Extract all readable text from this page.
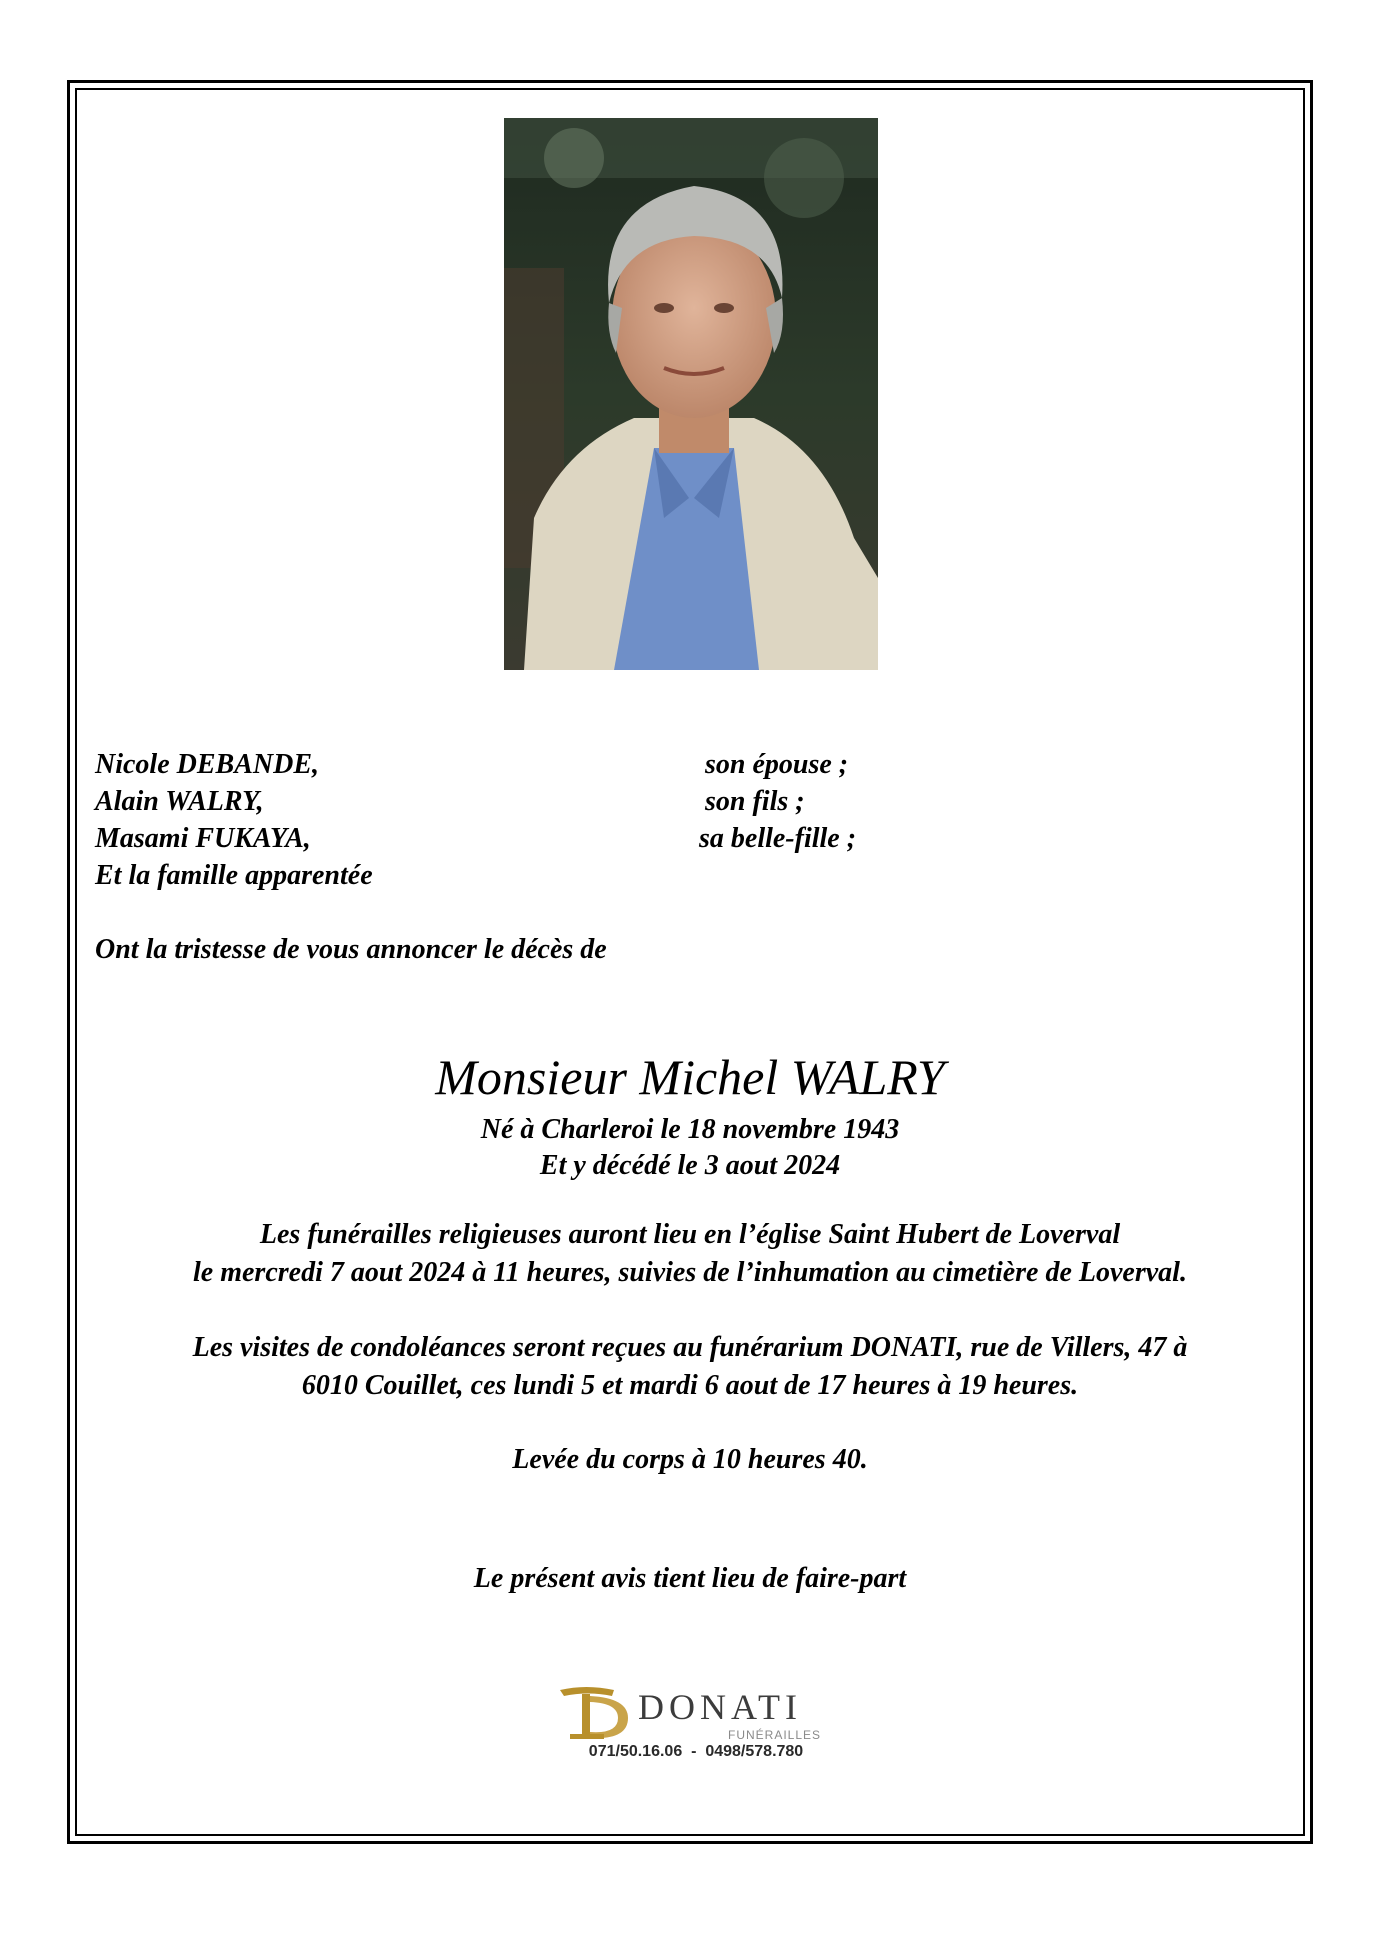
Nicole DEBANDE,	son épouse ;
Alain WALRY,	son fils ;
Masami FUKAYA,	sa belle-fille ;
Et la famille apparentée
Ont la tristesse de vous annoncer le décès de
Monsieur Michel WALRY
Né à Charleroi le 18 novembre 1943
Et y décédé le 3 aout 2024
Les funérailles religieuses auront lieu en l’église Saint Hubert de Loverval
le mercredi 7 aout 2024 à 11 heures, suivies de l’inhumation au cimetière de Loverval.
Les visites de condoléances seront reçues au funérarium DONATI, rue de Villers, 47 à
6010 Couillet, ces lundi 5 et mardi 6 aout de 17 heures à 19 heures.
Levée du corps à 10 heures 40.
Le présent avis tient lieu de faire-part
DONATI
FUNÉRAILLES
071/50.16.06  -  0498/578.780
